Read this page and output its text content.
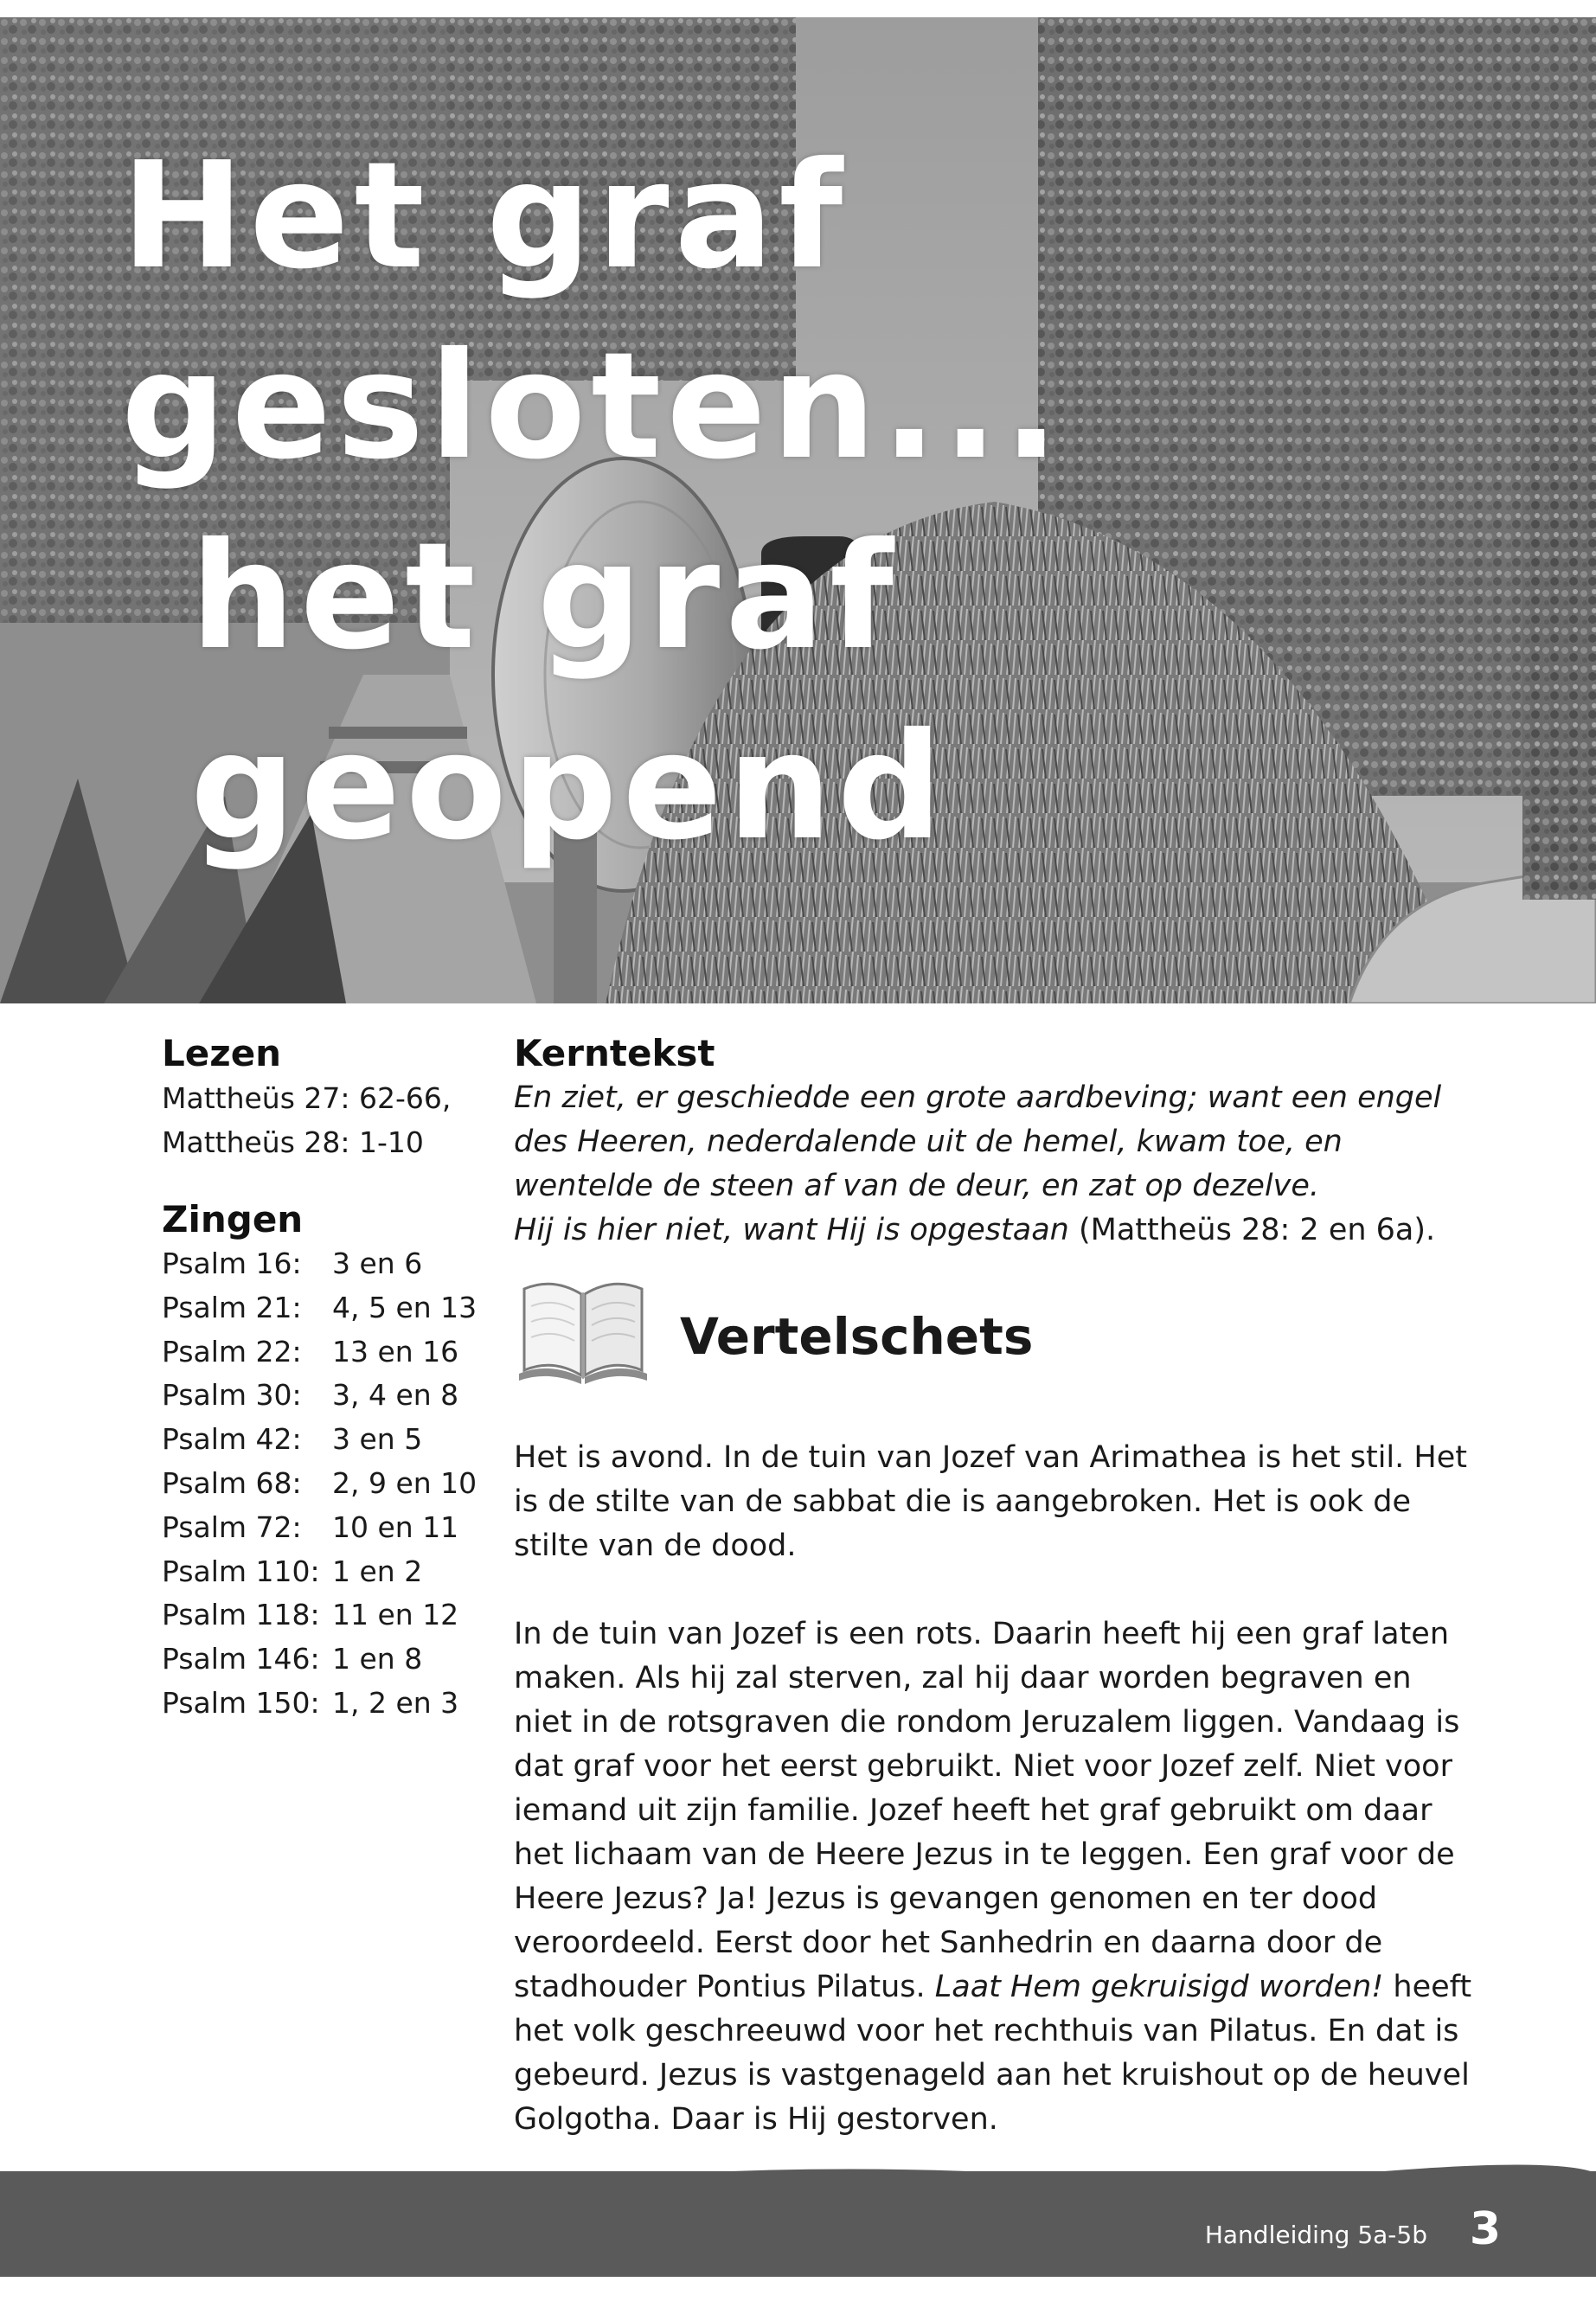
Het graf gesloten...
het graf geopend
Lezen
Mattheüs 27: 62-66,
Mattheüs 28: 1-10
Zingen
Psalm 16:	3 en 6
Psalm 21:	4, 5 en 13
Psalm 22:	13 en 16
Psalm 30:	3, 4 en 8
Psalm 42:	3 en 5
Psalm 68:	2, 9 en 10
Psalm 72:	10 en 11
Psalm 110: 1 en 2
Psalm 118: 11 en 12
Psalm 146: 1 en 8
Psalm 150: 1, 2 en 3
Kerntekst
En ziet, er geschiedde een grote aardbeving; want een engel des Heeren, nederdalende uit de hemel, kwam toe, en wentelde de steen af van de deur, en zat op dezelve.
Hij is hier niet, want Hij is opgestaan (Mattheüs 28: 2 en 6a).
Vertelschets

Het is avond. In de tuin van Jozef van Arimathea is het stil. Het is de stilte van de sabbat die is aangebroken. Het is ook de stilte van de dood.

In de tuin van Jozef is een rots. Daarin heeft hij een graf laten maken. Als hij zal sterven, zal hij daar worden begraven en niet in de rotsgraven die rondom Jeruzalem liggen. Vandaag is dat graf voor het eerst gebruikt. Niet voor Jozef zelf. Niet voor iemand uit zijn familie. Jozef heeft het graf gebruikt om daar het lichaam van de Heere Jezus in te leggen. Een graf voor de Heere Jezus? Ja! Jezus is gevangen genomen en ter dood veroordeeld. Eerst door het Sanhedrin en daarna door de stadhouder Pontius Pilatus. Laat Hem gekruisigd worden! heeft het volk geschreeuwd voor het rechthuis van Pilatus. En dat is gebeurd. Jezus is vastgenageld aan het kruishout op de heuvel Golgotha. Daar is Hij gestorven.

Handleiding 5a-5b 3
